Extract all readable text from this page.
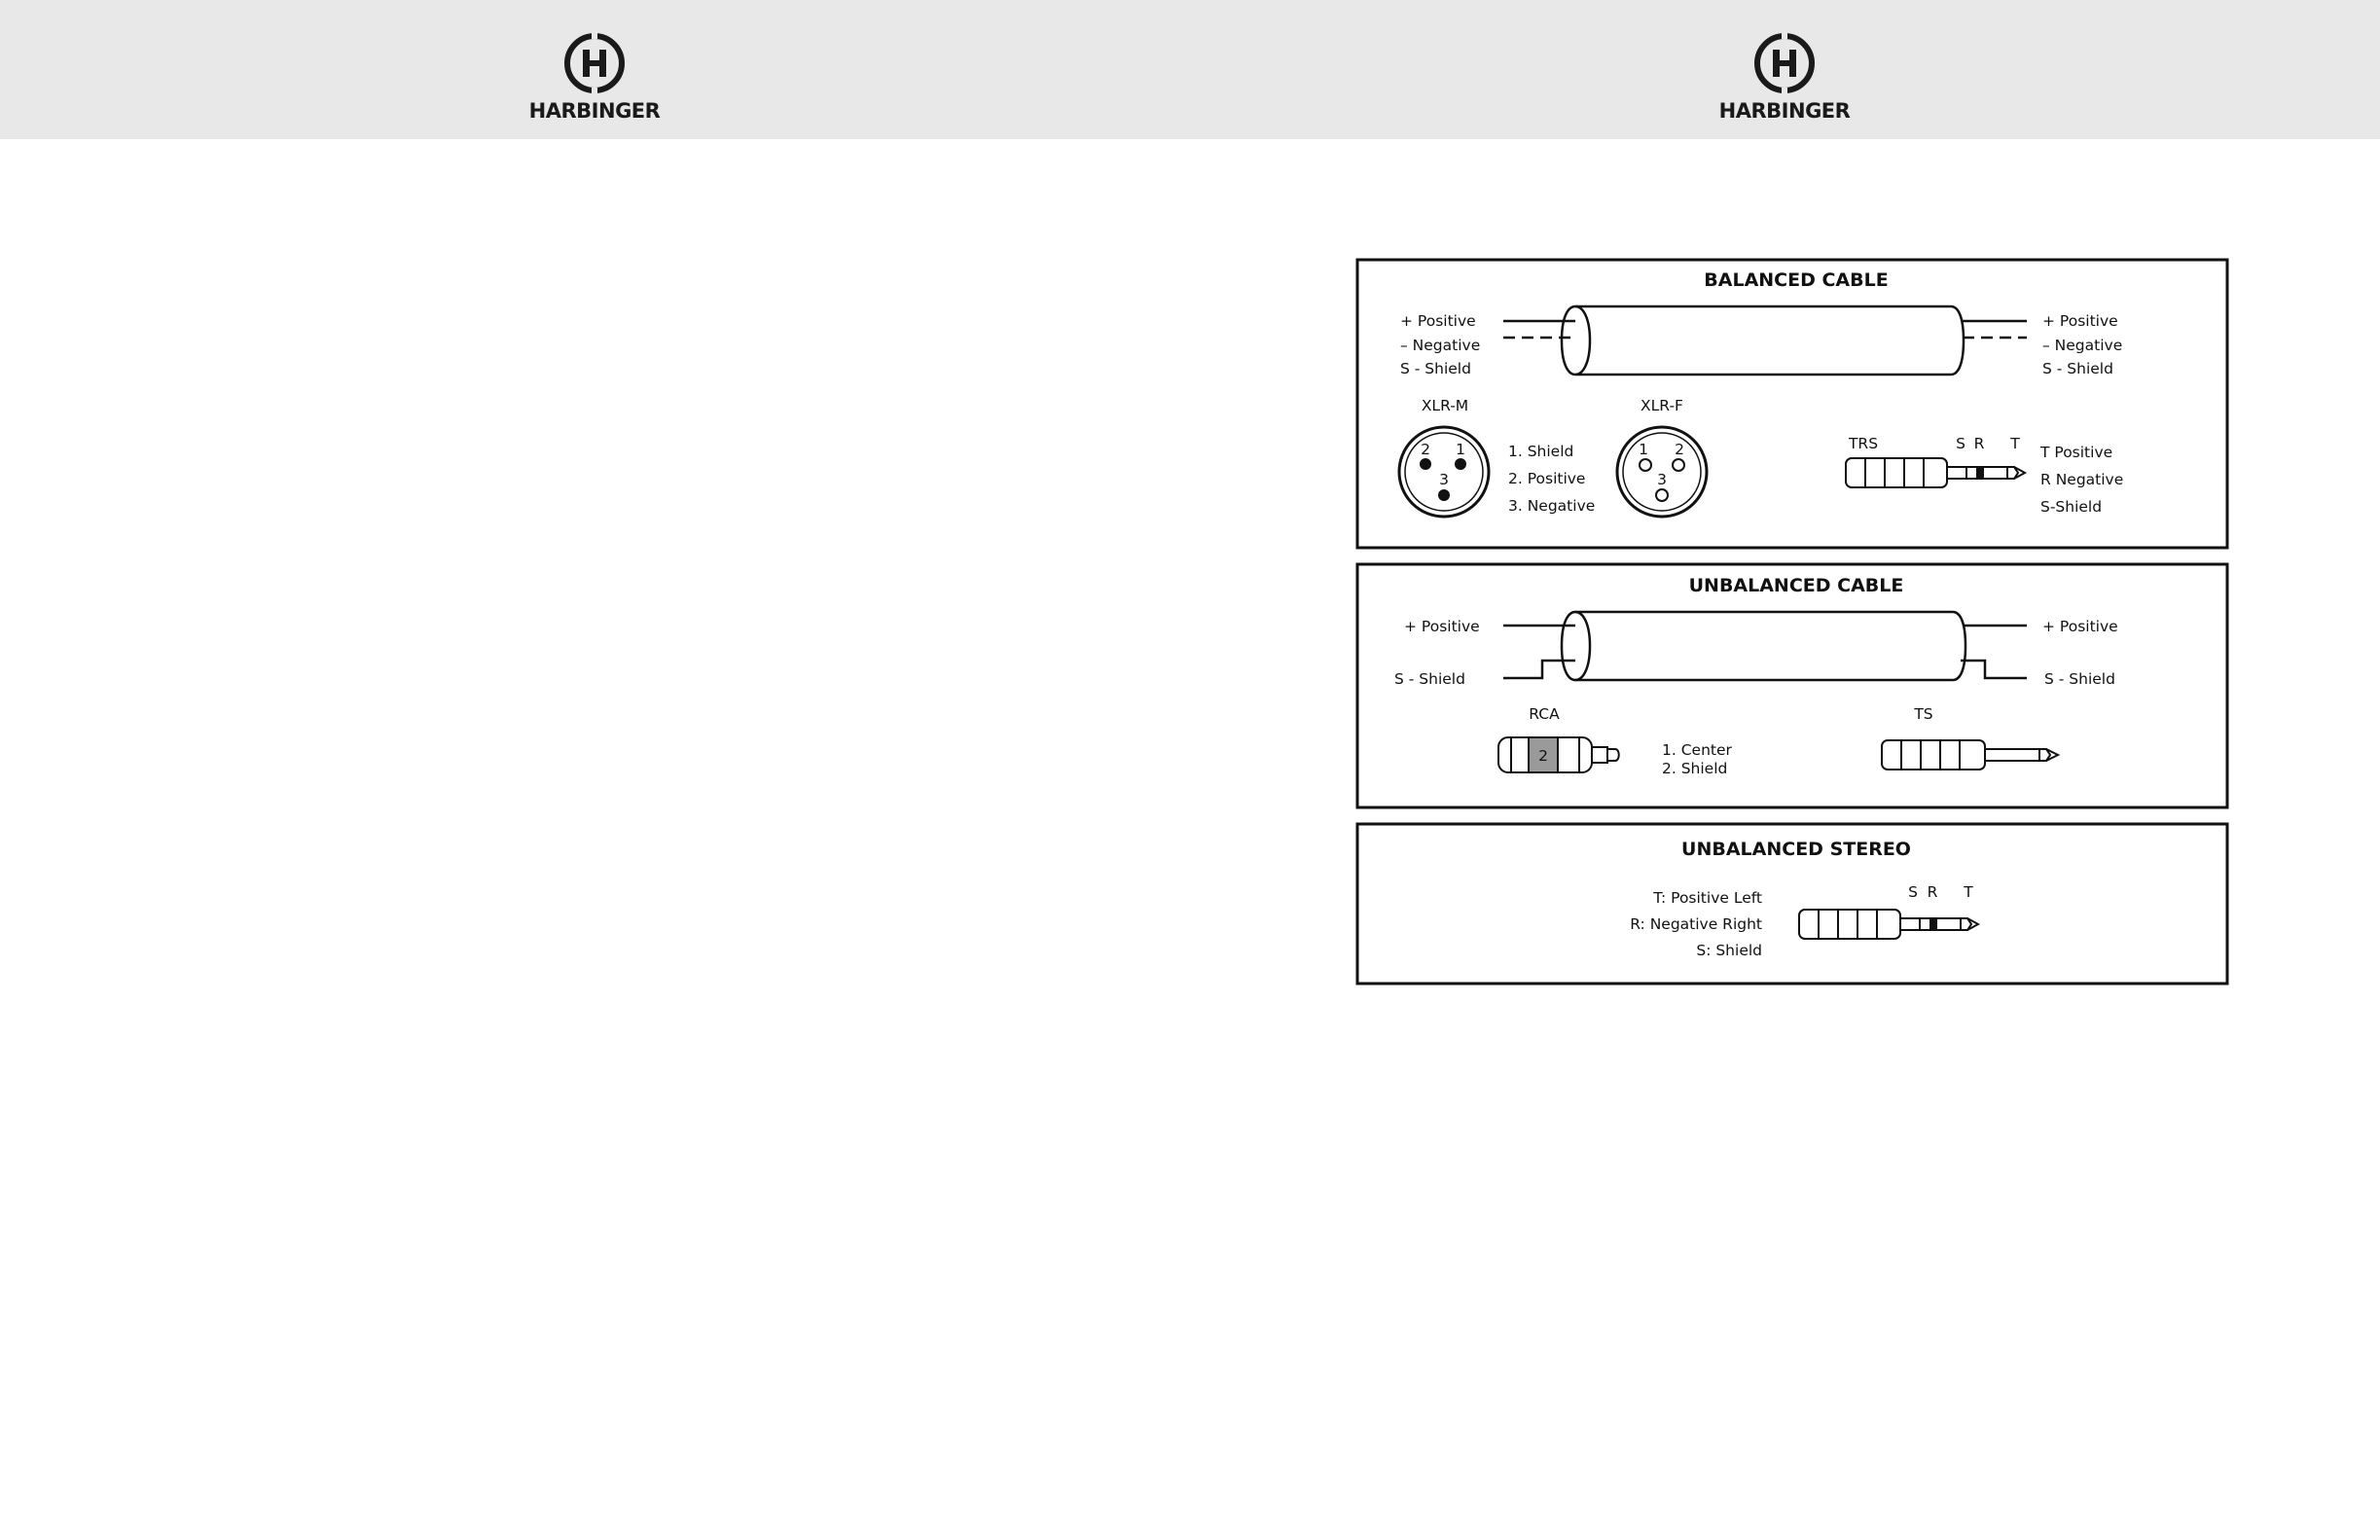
HARBINGER	HARBINGER
BALANCED CABLE
+ Positive
– Negative
S - Shield
+ Positive
– Negative
S - Shield
XLR-M
2 1
3
1. Shield
2. Positive
3. Negative
XLR-F
1 2
3
TRS	S R T T Positive
R Negative
S-Shield
UNBALANCED CABLE
+ Positive
S - Shield
+ Positive
S - Shield
RCA
2	1. Center
2. Shield
TS
UNBALANCED STEREO
T: Positive Left
R: Negative Right
S: Shield
S R T
